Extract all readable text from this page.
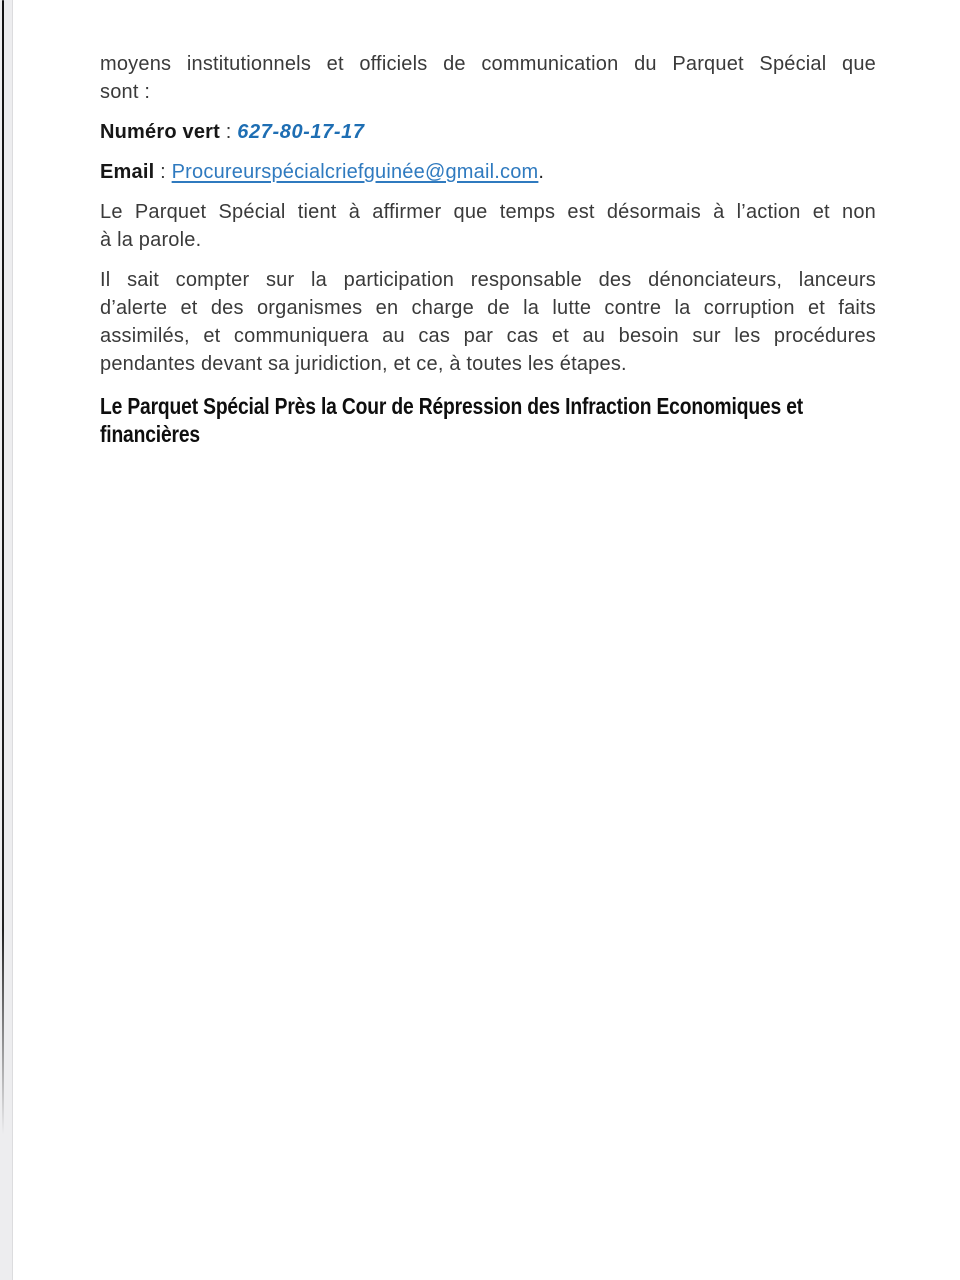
moyens institutionnels et officiels de communication du Parquet Spécial que
sont :
Numéro vert : 627-80-17-17
Email : Procureurspécialcriefguinée@gmail.com.
Le Parquet Spécial tient à affirmer que temps est désormais à l’action et non
à la parole.
Il sait compter sur la participation responsable des dénonciateurs, lanceurs
d’alerte et des organismes en charge de la lutte contre la corruption et faits
assimilés, et communiquera au cas par cas et au besoin sur les procédures
pendantes devant sa juridiction, et ce, à toutes les étapes.
Le Parquet Spécial Près la Cour de Répression des Infraction Economiques et
financières
